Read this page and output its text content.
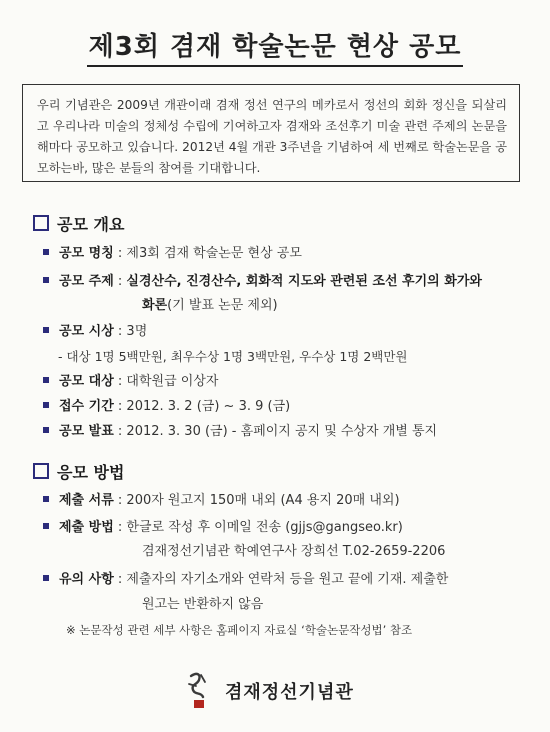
제3회 겸재 학술논문 현상 공모
우리 기념관은 2009년 개관이래 겸재 정선 연구의 메카로서 정선의 회화 정신을 되살리고 우리나라 미술의 정체성 수립에 기여하고자 겸재와 조선후기 미술 관련 주제의 논문을 해마다 공모하고 있습니다. 2012년 4월 개관 3주년을 기념하여 세 번째로 학술논문을 공모하는바, 많은 분들의 참여를 기대합니다.
공모 개요
공모 명칭 : 제3회 겸재 학술논문 현상 공모
공모 주제 : 실경산수, 진경산수, 회화적 지도와 관련된 조선 후기의 화가와
화론(기 발표 논문 제외)
공모 시상 : 3명
- 대상 1명 5백만원, 최우수상 1명 3백만원, 우수상 1명 2백만원
공모 대상 : 대학원급 이상자
접수 기간 : 2012. 3. 2 (금) ~ 3. 9 (금)
공모 발표 : 2012. 3. 30 (금) - 홈페이지 공지 및 수상자 개별 통지
응모 방법
제출 서류 : 200자 원고지 150매 내외 (A4 용지 20매 내외)
제출 방법 : 한글로 작성 후 이메일 전송 (gjjs@gangseo.kr)
겸재정선기념관 학예연구사 장희선 T.02-2659-2206
유의 사항 : 제출자의 자기소개와 연락처 등을 원고 끝에 기재. 제출한
원고는 반환하지 않음
※ 논문작성 관련 세부 사항은 홈페이지 자료실 ‘학술논문작성법’ 참조
겸재정선기념관
